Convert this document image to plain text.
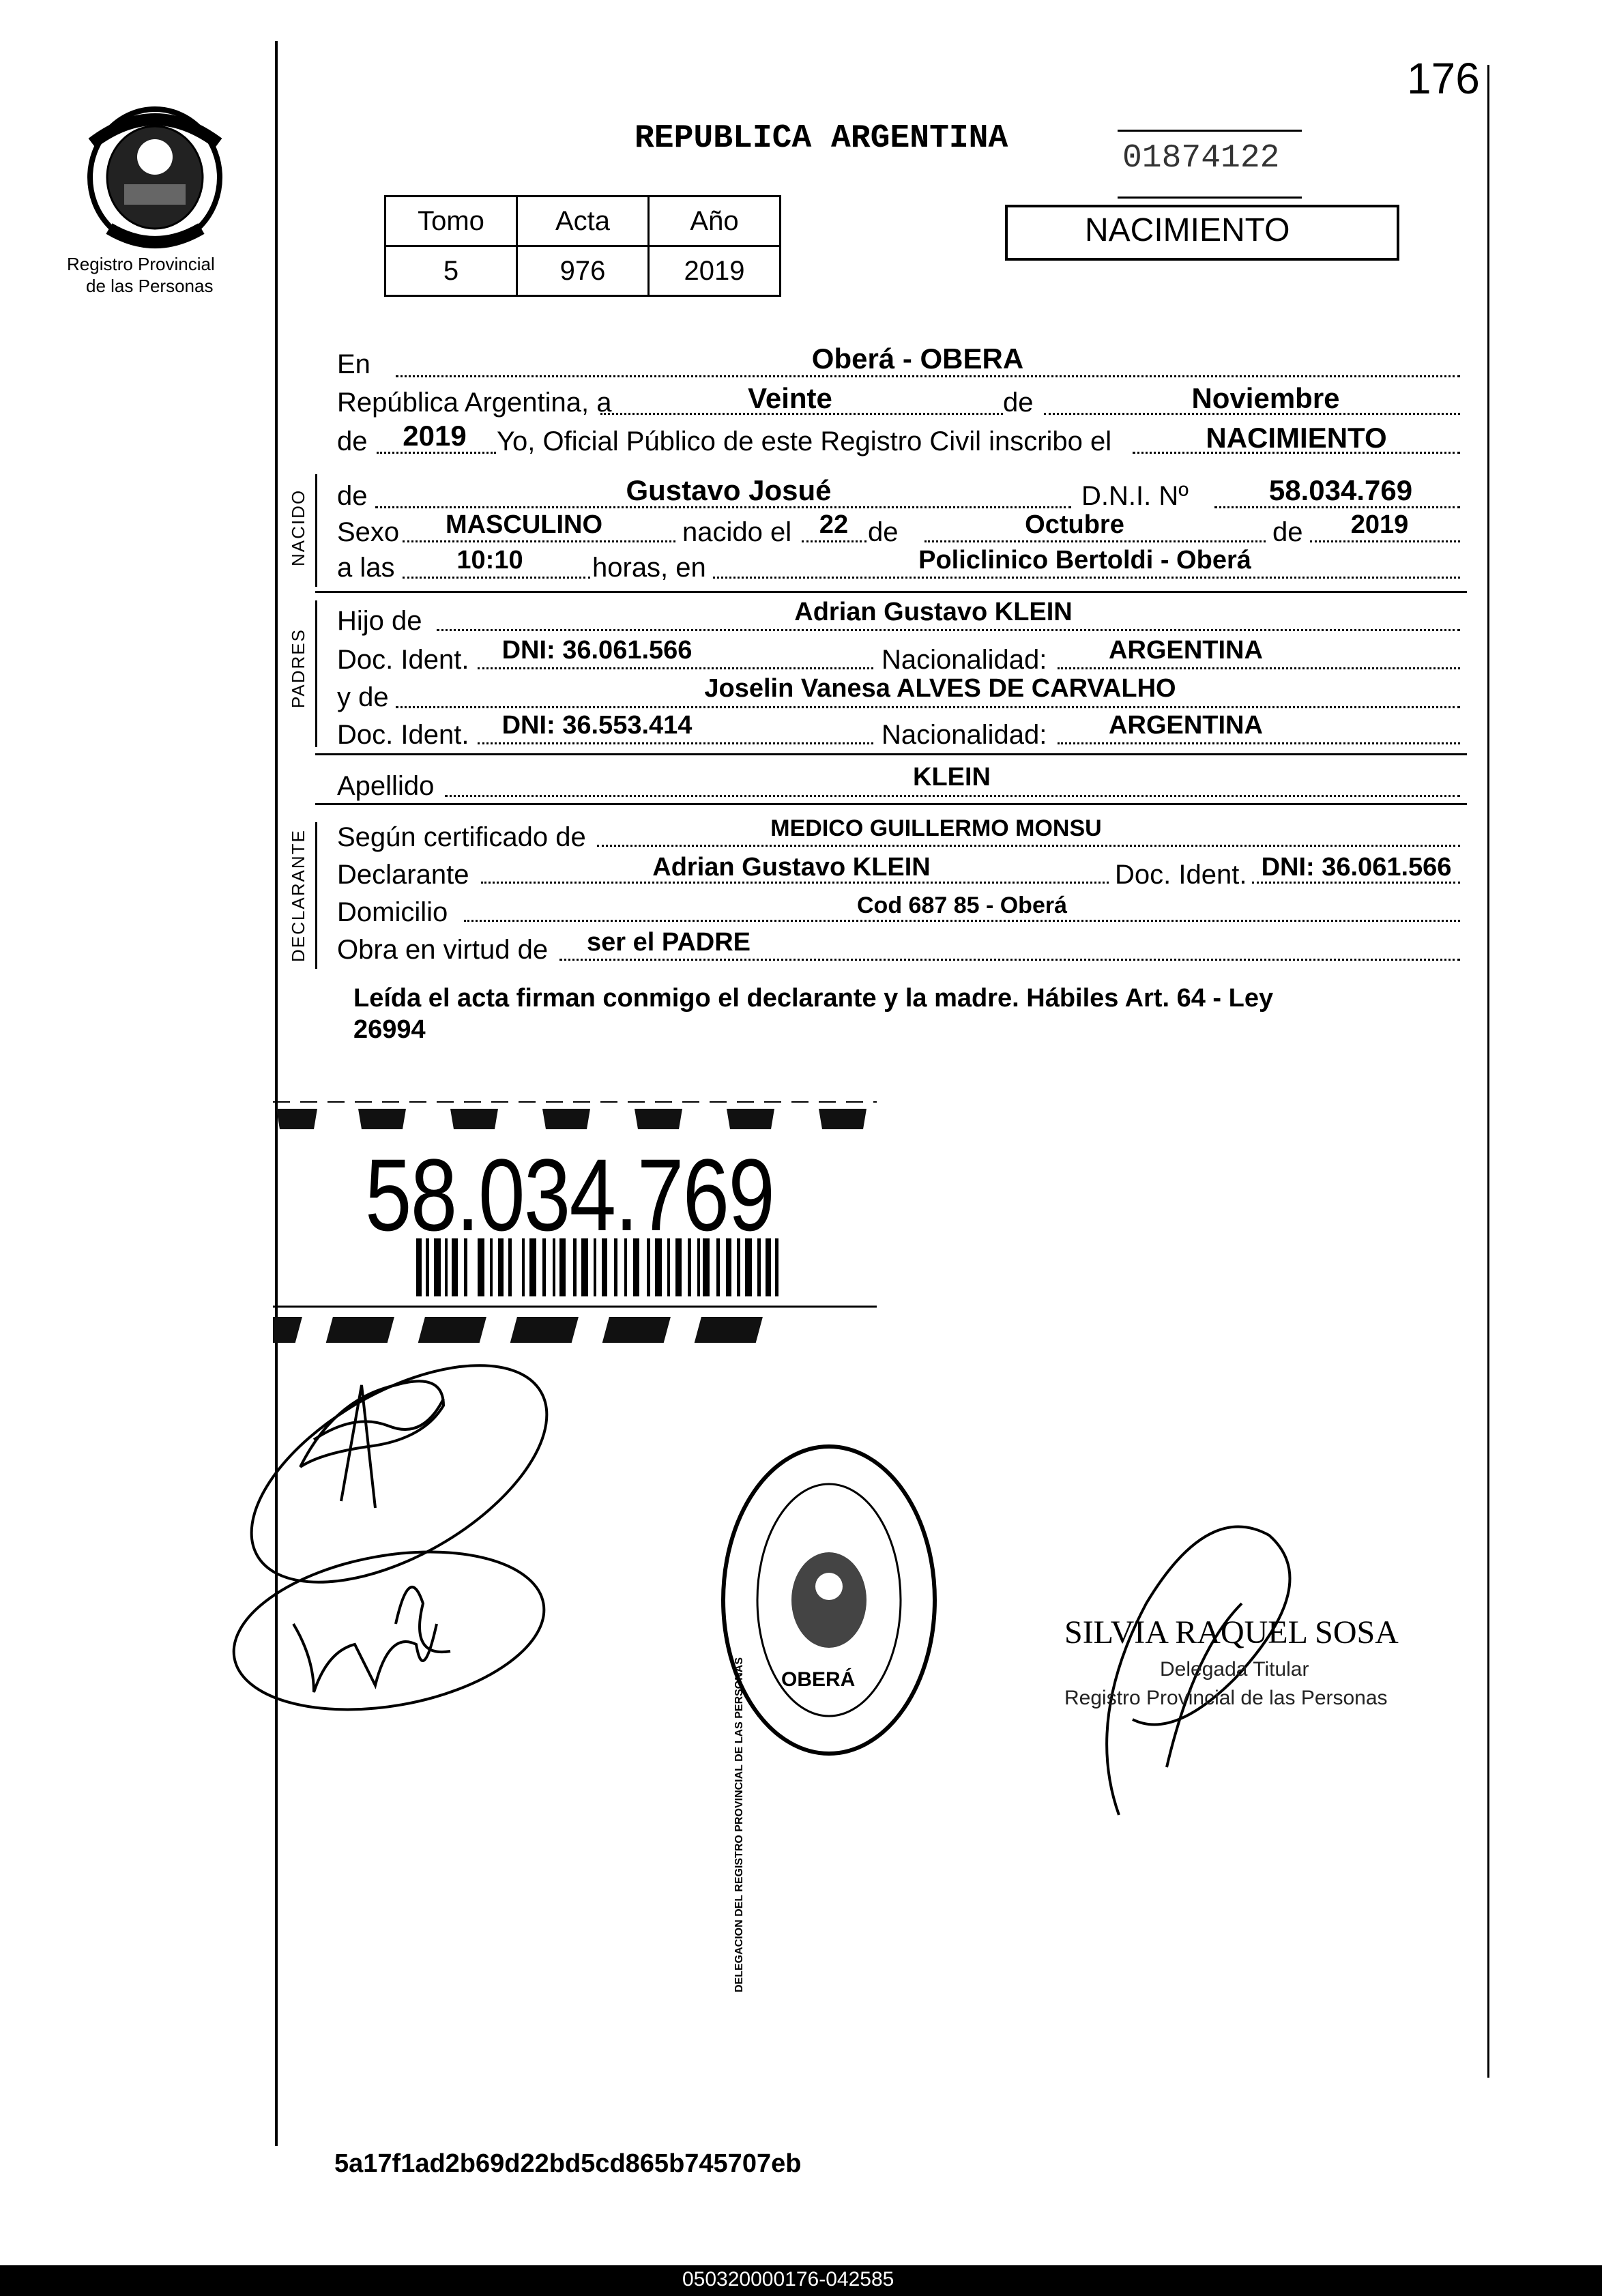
Registro Provincial
de las Personas
176
REPUBLICA ARGENTINA
01874122
NACIMIENTO
Tomo	Acta	Año
5	976	2019
En	Oberá - OBERA
República Argentina, a	Veinte	de	Noviembre
de 2019 Yo, Oficial Público de este Registro Civil inscribo el	NACIMIENTO
NACIDO de	Gustavo Josué	D.N.I. Nº	58.034.769
Sexo MASCULINO	nacido el 22 de	Octubre	de 2019
a las 10:10	horas, en	Policlinico Bertoldi - Oberá
PADRES
Hijo de	Adrian Gustavo KLEIN
Doc. Ident. DNI: 36.061.566	Nacionalidad: ARGENTINA
y de	Joselin Vanesa ALVES DE CARVALHO
Doc. Ident. DNI: 36.553.414	Nacionalidad: ARGENTINA
Apellido	KLEIN
DECLARANTE Según certificado de	MEDICO GUILLERMO MONSU
Declarante	Adrian Gustavo KLEIN	Doc. Ident. DNI: 36.061.566
Domicilio	Cod 687 85 - Oberá
Obra en virtud de ser el PADRE
Leída el acta firman conmigo el declarante y la madre. Hábiles Art. 64 - Ley
26994
58.034.769
OBERÁ
DELEGACION DEL REGISTRO PROVINCIAL DE LAS PERSONAS
SILVIA RAQUEL SOSA
Delegada Titular
Registro Provincial de las Personas
5a17f1ad2b69d22bd5cd865b745707eb
050320000176-042585
